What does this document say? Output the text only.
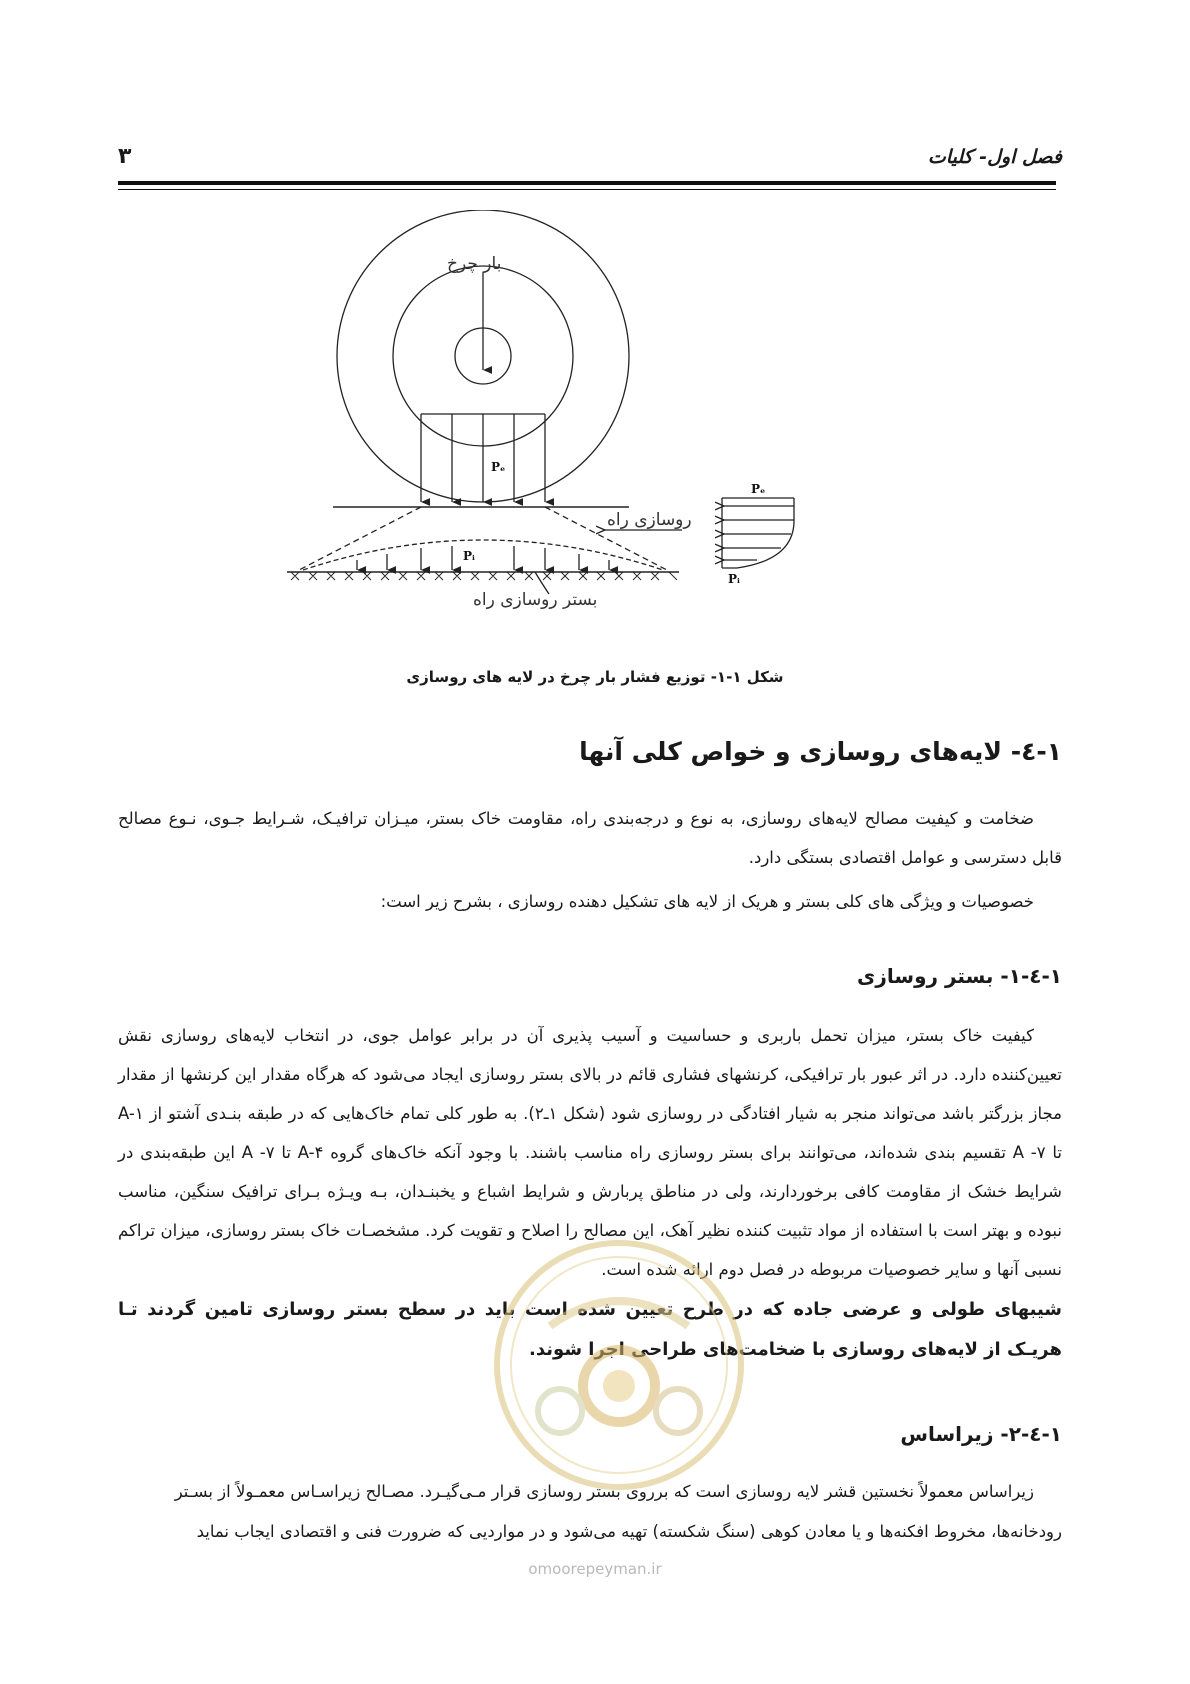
فصل اول- کلیات
۳
بار چرخ
روسازی راه
بستر روسازی راه
Pₑ
Pᵢ
Pₑ
Pᵢ
شکل ۱-۱- توزیع فشار بار چرخ در لایه های روسازی
۱-٤- لایه‌های روسازی و خواص کلی آنها
ضخامت و کیفیت مصالح لایه‌های روسازی، به نوع و درجه‌بندی راه، مقاومت خاک بستر، میـزان ترافیـک، شـرایط جـوی، نـوع مصالح قابل دسترسی و عوامل اقتصادی بستگی دارد.
خصوصیات و ویژگی های کلی بستر و هریک از لایه های تشکیل دهنده روسازی ، بشرح زیر است:
۱-٤-۱- بستر روسازی
کیفیت خاک بستر، میزان تحمل باربری و حساسیت و آسیب پذیری آن در برابر عوامل جوی، در انتخاب لایه‌های روسازی نقش تعیین‌کننده دارد. در اثر عبور بار ترافیکی، کرنشهای فشاری قائم در بالای بستر روسازی ایجاد می‌شود که هرگاه مقدار این کرنشها از مقدار مجاز بزرگتر باشد می‌تواند منجر به شیار افتادگی در روسازی شود (شکل ۱ـ۲). به طور کلی تمام خاک‌هایی که در طبقه بنـدی آشتو از A-۱ تا A -۷ تقسیم بندی شده‌اند، می‌توانند برای بستر روسازی راه مناسب باشند. با وجود آنکه خاک‌های گروه A-۴ تا A -۷ این طبقه‌بندی در شرایط خشک از مقاومت کافی برخوردارند، ولی در مناطق پربارش و شرایط اشباع و یخبنـدان، بـه ویـژه بـرای ترافیک سنگین، مناسب نبوده و بهتر است با استفاده از مواد تثبیت کننده نظیر آهک، این مصالح را اصلاح و تقویت کرد. مشخصـات خاک بستر روسازی، میزان تراکم نسبی آنها و سایر خصوصیات مربوطه در فصل دوم ارائه شده است.
شیبهای طولی و عرضی جاده که در طرح تعیین شده است باید در سطح بستر روسازی تامین گردند تـا هریـک از لایه‌های روسازی با ضخامت‌های طراحی اجرا شوند.
۱-٤-۲- زیراساس
زیراساس معمولاً نخستین قشر لایه روسازی است که برروی بستر روسازی قرار مـی‌گیـرد. مصـالح زیراسـاس معمـولاً از بسـتر
رودخانه‌ها، مخروط افکنه‌ها و یا معادن کوهی (سنگ شکسته) تهیه می‌شود و در مواردیی که ضرورت فنی و اقتصادی ایجاب نماید
omoorepeyman.ir
